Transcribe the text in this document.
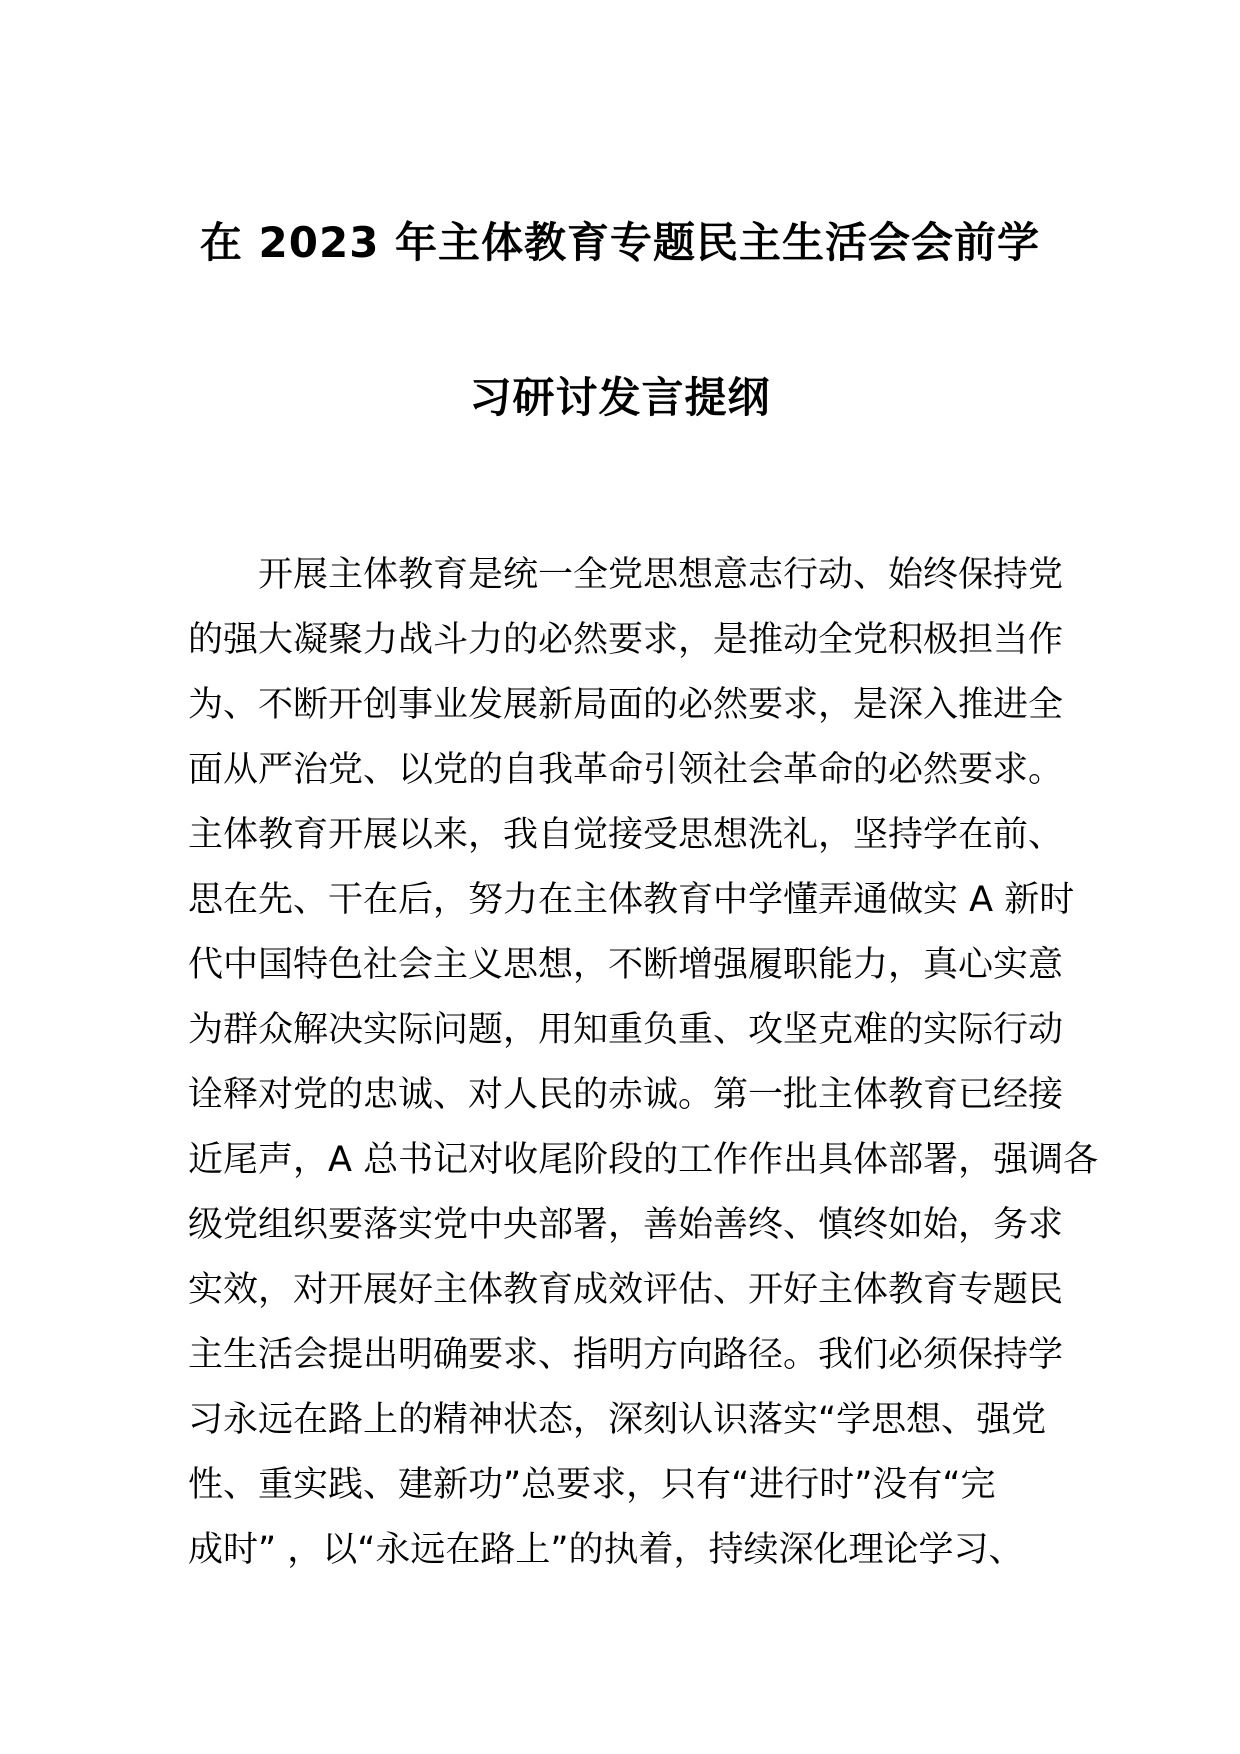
在 2023 年主体教育专题民主生活会会前学
习研讨发言提纲
开展主体教育是统一全党思想意志行动、始终保持党
的强大凝聚力战斗力的必然要求，是推动全党积极担当作
为、不断开创事业发展新局面的必然要求，是深入推进全
面从严治党、以党的自我革命引领社会革命的必然要求。
主体教育开展以来，我自觉接受思想洗礼，坚持学在前、
思在先、干在后，努力在主体教育中学懂弄通做实 A 新时
代中国特色社会主义思想，不断增强履职能力，真心实意
为群众解决实际问题，用知重负重、攻坚克难的实际行动
诠释对党的忠诚、对人民的赤诚。第一批主体教育已经接
近尾声，A 总书记对收尾阶段的工作作出具体部署，强调各
级党组织要落实党中央部署，善始善终、慎终如始，务求
实效，对开展好主体教育成效评估、开好主体教育专题民
主生活会提出明确要求、指明方向路径。我们必须保持学
习永远在路上的精神状态，深刻认识落实“学思想、强党
性、重实践、建新功”总要求，只有“进行时”没有“完
成时” ，以“永远在路上”的执着，持续深化理论学习、
